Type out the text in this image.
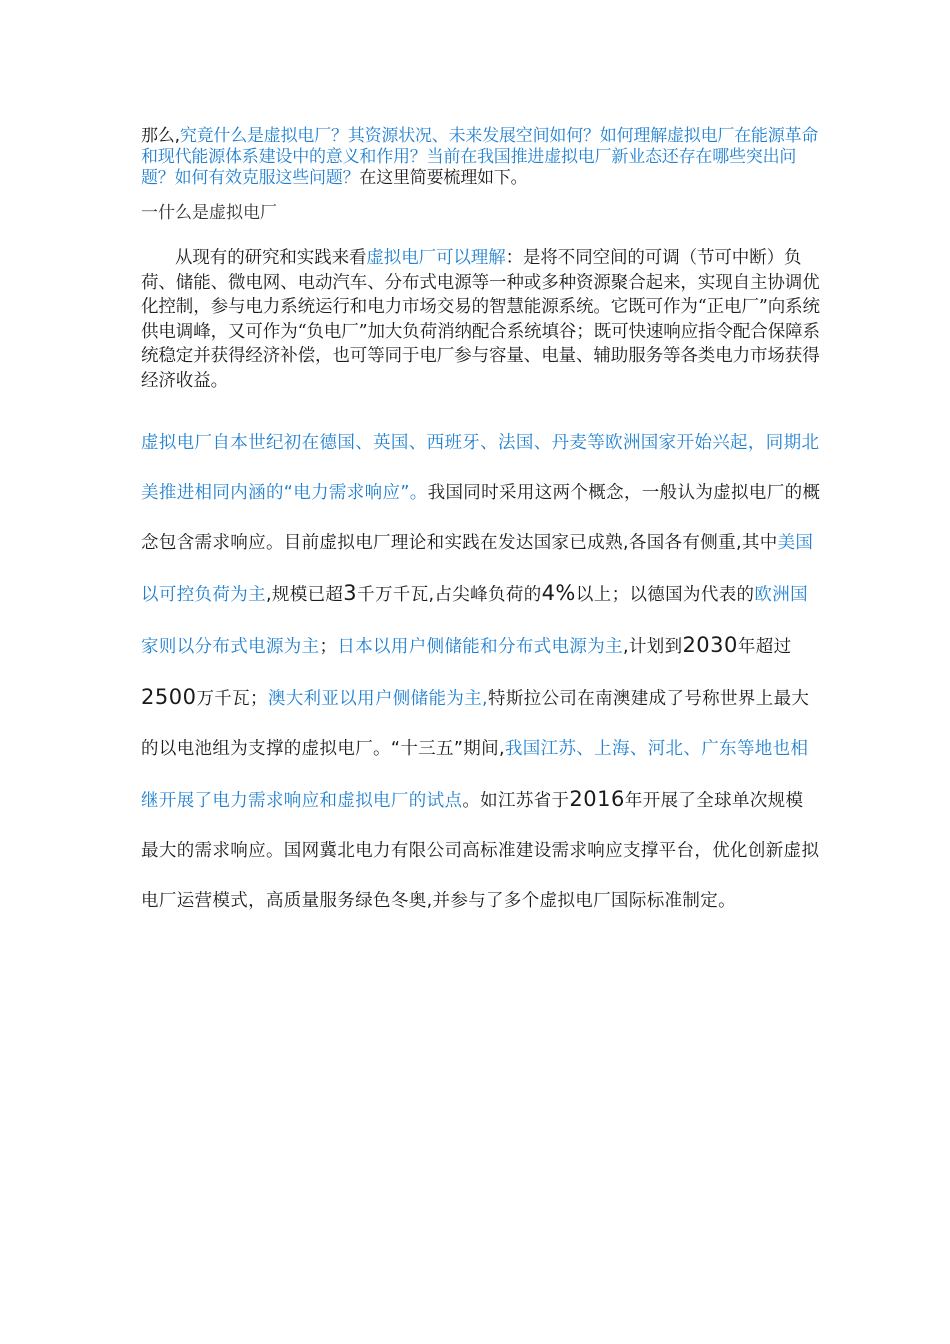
那么,究竟什么是虚拟电厂？其资源状况、未来发展空间如何？如何理解虚拟电厂在能源革命和现代能源体系建设中的意义和作用？当前在我国推进虚拟电厂新业态还存在哪些突出问题？如何有效克服这些问题？在这里简要梳理如下。

一什么是虚拟电厂

从现有的研究和实践来看虚拟电厂可以理解：是将不同空间的可调（节可中断）负荷、储能、微电网、电动汽车、分布式电源等一种或多种资源聚合起来，实现自主协调优化控制，参与电力系统运行和电力市场交易的智慧能源系统。它既可作为“正电厂”向系统供电调峰，又可作为“负电厂”加大负荷消纳配合系统填谷；既可快速响应指令配合保障系统稳定并获得经济补偿，也可等同于电厂参与容量、电量、辅助服务等各类电力市场获得经济收益。

虚拟电厂自本世纪初在德国、英国、西班牙、法国、丹麦等欧洲国家开始兴起，同期北美推进相同内涵的“电力需求响应”。我国同时采用这两个概念，一般认为虚拟电厂的概念包含需求响应。目前虚拟电厂理论和实践在发达国家已成熟,各国各有侧重,其中美国以可控负荷为主,规模已超3千万千瓦,占尖峰负荷的4%以上；以德国为代表的欧洲国家则以分布式电源为主；日本以用户侧储能和分布式电源为主,计划到2030年超过2500万千瓦；澳大利亚以用户侧储能为主,特斯拉公司在南澳建成了号称世界上最大的以电池组为支撑的虚拟电厂。“十三五”期间,我国江苏、上海、河北、广东等地也相继开展了电力需求响应和虚拟电厂的试点。如江苏省于2016年开展了全球单次规模最大的需求响应。国网冀北电力有限公司高标准建设需求响应支撑平台，优化创新虚拟电厂运营模式，高质量服务绿色冬奥,并参与了多个虚拟电厂国际标准制定。
